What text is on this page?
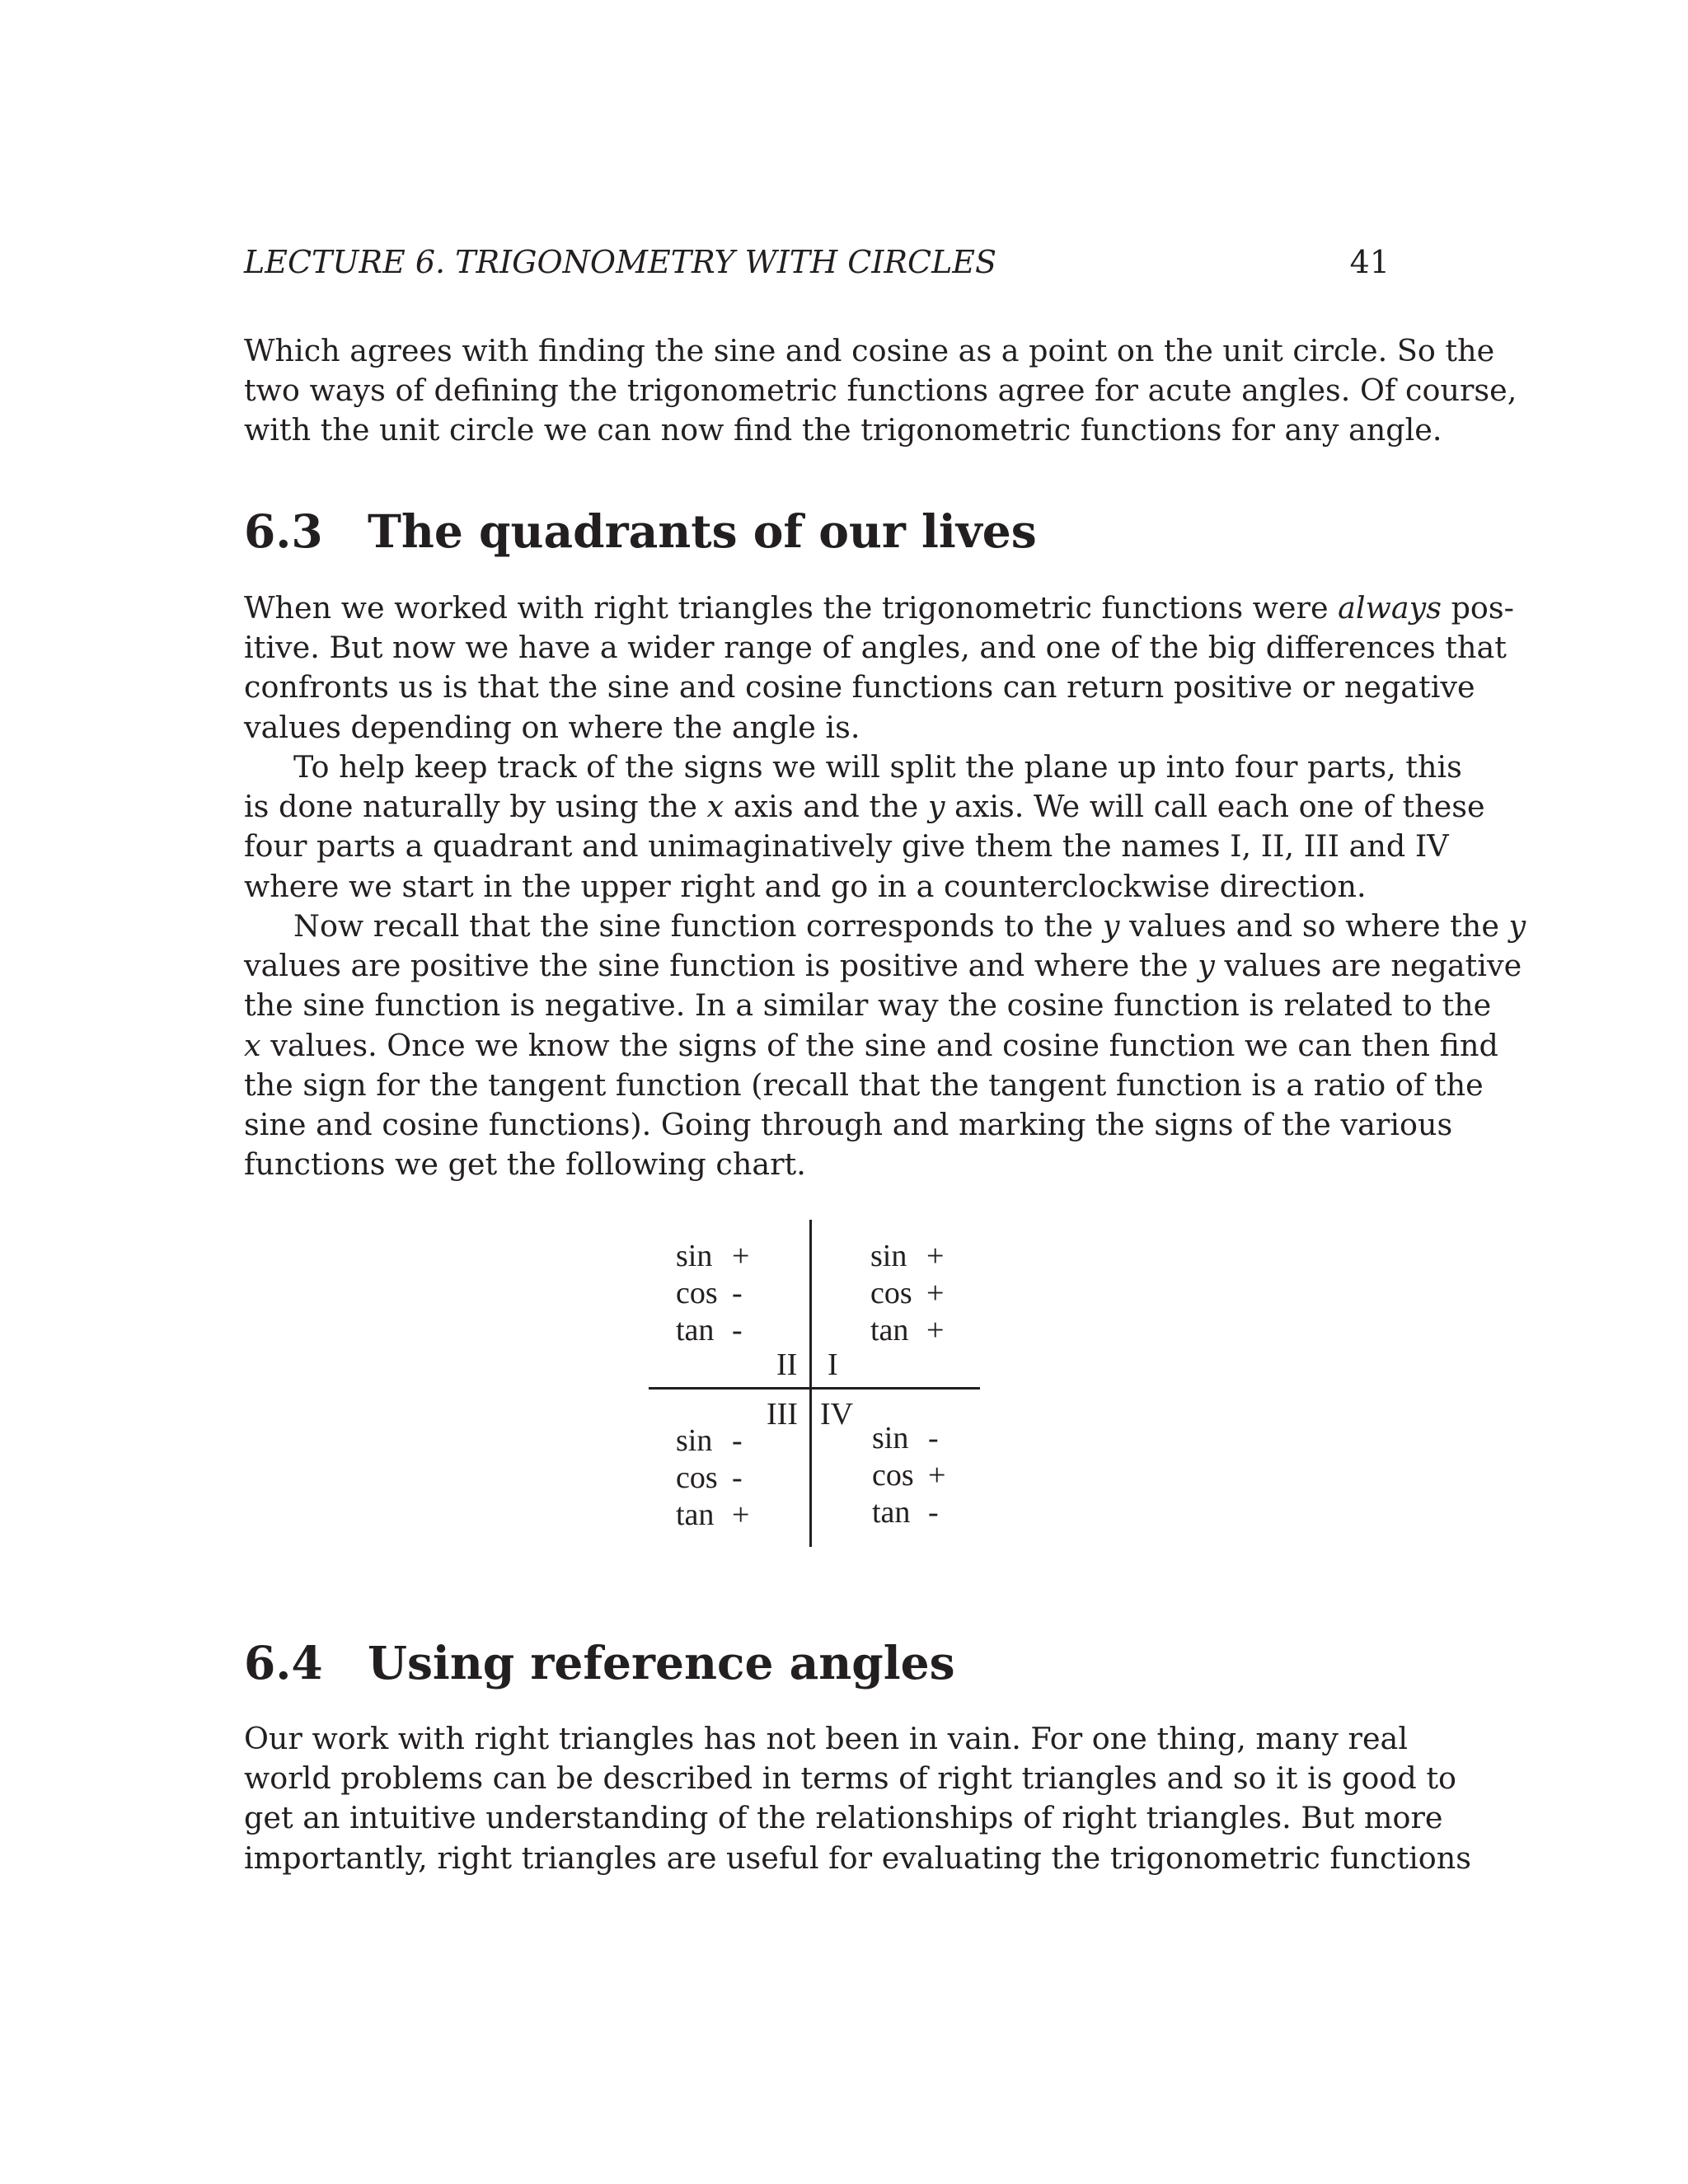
LECTURE 6. TRIGONOMETRY WITH CIRCLES	41

Which agrees with finding the sine and cosine as a point on the unit circle. So the
two ways of defining the trigonometric functions agree for acute angles. Of course,
with the unit circle we can now find the trigonometric functions for any angle.

6.3 The quadrants of our lives

When we worked with right triangles the trigonometric functions were always pos-
itive. But now we have a wider range of angles, and one of the big differences that
confronts us is that the sine and cosine functions can return positive or negative
values depending on where the angle is.

To help keep track of the signs we will split the plane up into four parts, this
is done naturally by using the x axis and the y axis. We will call each one of these
four parts a quadrant and unimaginatively give them the names I, II, III and IV
where we start in the upper right and go in a counterclockwise direction.

Now recall that the sine function corresponds to the y values and so where the y
values are positive the sine function is positive and where the y values are negative
the sine function is negative. In a similar way the cosine function is related to the
x values. Once we know the signs of the sine and cosine function we can then find
the sign for the tangent function (recall that the tangent function is a ratio of the
sine and cosine functions). Going through and marking the signs of the various
functions we get the following chart.

sin +
cos -
tan -
sin +
cos +
tan +
II I
III IV
sin -
cos -
tan +
sin -
cos +
tan -
6.4 Using reference angles

Our work with right triangles has not been in vain. For one thing, many real
world problems can be described in terms of right triangles and so it is good to
get an intuitive understanding of the relationships of right triangles. But more
importantly, right triangles are useful for evaluating the trigonometric functions
